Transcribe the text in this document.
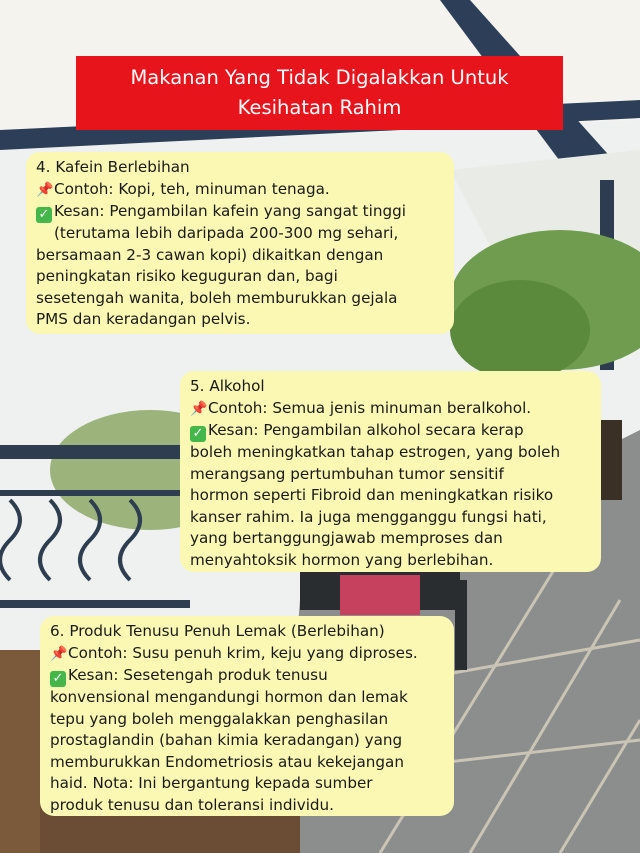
Makanan Yang Tidak Digalakkan Untuk
Kesihatan Rahim
4. Kafein Berlebihan
📌Contoh: Kopi, teh, minuman tenaga.
✓ Kesan: Pengambilan kafein yang sangat tinggi
(terutama lebih daripada 200-300 mg sehari,
bersamaan 2-3 cawan kopi) dikaitkan dengan
peningkatan risiko keguguran dan, bagi
sesetengah wanita, boleh memburukkan gejala
PMS dan keradangan pelvis.
5. Alkohol
📌Contoh: Semua jenis minuman beralkohol.
✓ Kesan: Pengambilan alkohol secara kerap
boleh meningkatkan tahap estrogen, yang boleh
merangsang pertumbuhan tumor sensitif
hormon seperti Fibroid dan meningkatkan risiko
kanser rahim. Ia juga mengganggu fungsi hati,
yang bertanggungjawab memproses dan
menyahtoksik hormon yang berlebihan.
6. Produk Tenusu Penuh Lemak (Berlebihan)
📌Contoh: Susu penuh krim, keju yang diproses.
✓ Kesan: Sesetengah produk tenusu
konvensional mengandungi hormon dan lemak
tepu yang boleh menggalakkan penghasilan
prostaglandin (bahan kimia keradangan) yang
memburukkan Endometriosis atau kekejangan
haid. Nota: Ini bergantung kepada sumber
produk tenusu dan toleransi individu.
